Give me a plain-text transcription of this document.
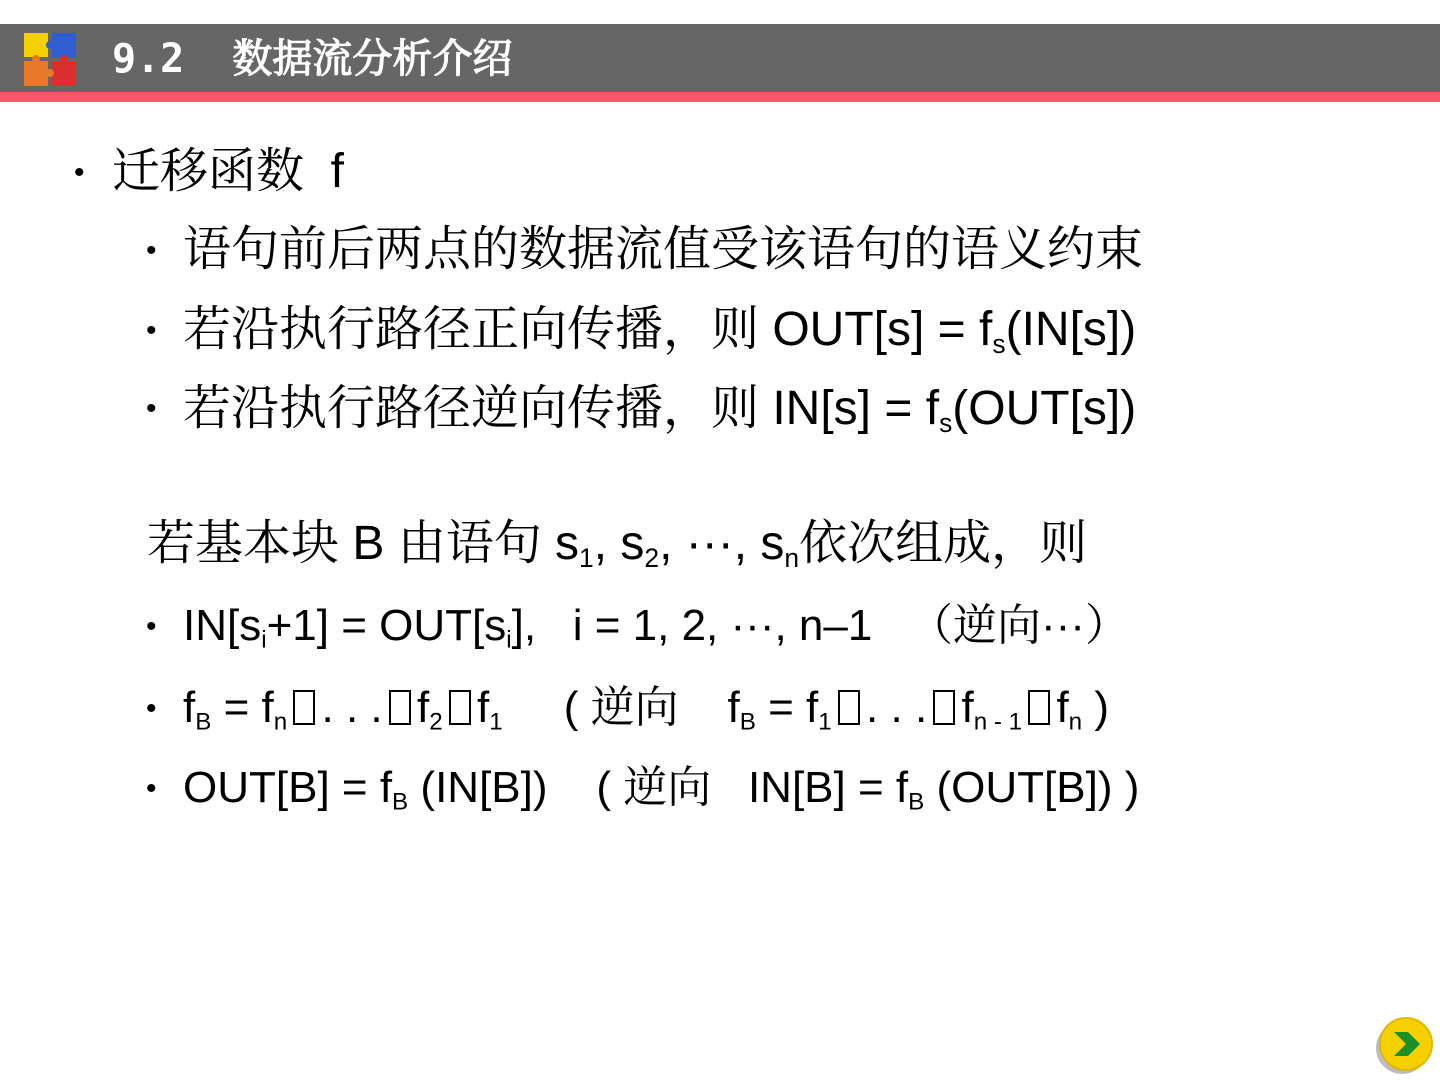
9.2  数据流分析介绍
• 迁移函数  f
• 语句前后两点的数据流值受该语句的语义约束
• 若沿执行路径正向传播，则 $OUT[s] = f_s(IN[s])$
• 若沿执行路径逆向传播，则 $IN[s] = f_s(OUT[s])$
若基本块 B 由语句 $s_1$, $s_2$, ···, $s_n$依次组成，则
• $IN[s_i+1] = OUT[s_i]$,   i = 1, 2, ···, n–1   （逆向···）
• $f_B = f_n$ . . . $f_2$ $f_1$     ( 逆向    $f_B = f_1$ . . . $f_{n - 1}$ $f_n$ )
• $OUT[B] = f_B$ (IN[B])    ( 逆向   $IN[B] = f_B$ (OUT[B]) )
